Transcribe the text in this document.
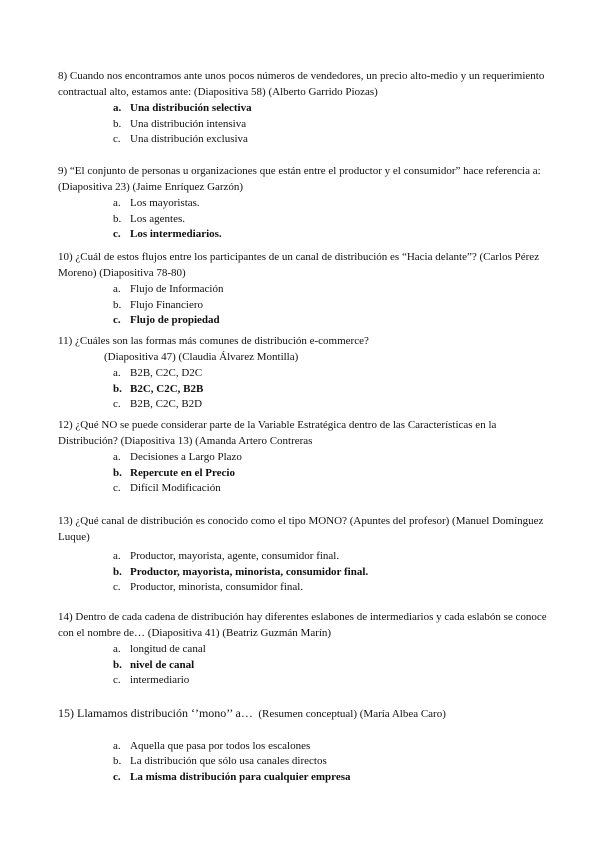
8) Cuando nos encontramos ante unos pocos números de vendedores, un precio alto-medio y un requerimiento contractual alto, estamos ante: (Diapositiva 58) (Alberto Garrido Piozas)

a. Una distribución selectiva
b. Una distribución intensiva
c. Una distribución exclusiva

9) “El conjunto de personas u organizaciones que están entre el productor y el consumidor” hace referencia a: (Diapositiva 23) (Jaime Enríquez Garzón)

a. Los mayoristas.
b. Los agentes.
c. Los intermediarios.

10) ¿Cuál de estos flujos entre los participantes de un canal de distribución es “Hacia delante”? (Carlos Pérez Moreno) (Diapositiva 78-80)

a. Flujo de Información
b. Flujo Financiero
c. Flujo de propiedad

11) ¿Cuáles son las formas más comunes de distribución e-commerce?

(Diapositiva 47) (Claudia Álvarez Montilla)

a. B2B, C2C, D2C
b. B2C, C2C, B2B
c. B2B, C2C, B2D

12) ¿Qué NO se puede considerar parte de la Variable Estratégica dentro de las Características en la Distribución? (Diapositiva 13) (Amanda Artero Contreras

a. Decisiones a Largo Plazo
b. Repercute en el Precio
c. Difícil Modificación

13) ¿Qué canal de distribución es conocido como el tipo MONO? (Apuntes del profesor) (Manuel Domínguez Luque)

a. Productor, mayorista, agente, consumidor final.
b. Productor, mayorista, minorista, consumidor final.
c. Productor, minorista, consumidor final.

14) Dentro de cada cadena de distribución hay diferentes eslabones de intermediarios y cada eslabón se conoce con el nombre de… (Diapositiva 41) (Beatriz Guzmán Marín)

a. longitud de canal
b. nivel de canal
c. intermediario

15) Llamamos distribución ‘’mono’’ a… (Resumen conceptual) (María Albea Caro)

a. Aquella que pasa por todos los escalones
b. La distribución que sólo usa canales directos
c. La misma distribución para cualquier empresa
